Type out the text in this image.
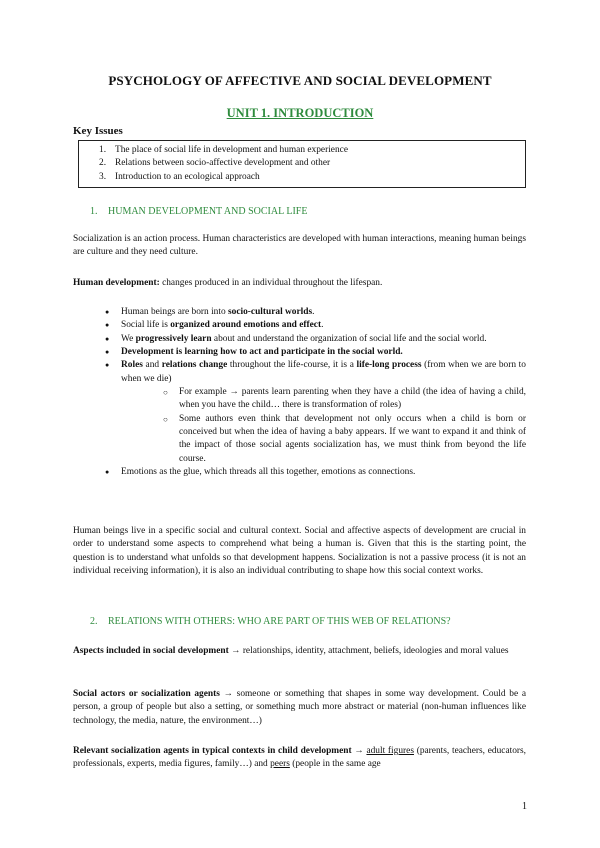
PSYCHOLOGY OF AFFECTIVE AND SOCIAL DEVELOPMENT
UNIT 1. INTRODUCTION
Key Issues
1. The place of social life in development and human experience
2. Relations between socio-affective development and other
3. Introduction to an ecological approach
1. HUMAN DEVELOPMENT AND SOCIAL LIFE

Socialization is an action process. Human characteristics are developed with human interactions, meaning human beings are culture and they need culture.

Human development: changes produced in an individual throughout the lifespan.

● Human beings are born into socio-cultural worlds.
● Social life is organized around emotions and effect.
● We progressively learn about and understand the organization of social life and the social world.
● Development is learning how to act and participate in the social world.
● Roles and relations change throughout the life-course, it is a life-long process (from when we are born to when we die)
○ For example → parents learn parenting when they have a child (the idea of having a child, when you have the child… there is transformation of roles)
○ Some authors even think that development not only occurs when a child is born or conceived but when the idea of having a baby appears. If we want to expand it and think of the impact of those social agents socialization has, we must think from beyond the life course.
● Emotions as the glue, which threads all this together, emotions as connections.

Human beings live in a specific social and cultural context. Social and affective aspects of development are crucial in order to understand some aspects to comprehend what being a human is. Given that this is the starting point, the question is to understand what unfolds so that development happens. Socialization is not a passive process (it is not an individual receiving information), it is also an individual contributing to shape how this social context works.

2. RELATIONS WITH OTHERS: WHO ARE PART OF THIS WEB OF RELATIONS?

Aspects included in social development → relationships, identity, attachment, beliefs, ideologies and moral values

Social actors or socialization agents → someone or something that shapes in some way development. Could be a person, a group of people but also a setting, or something much more abstract or material (non-human influences like technology, the media, nature, the environment…)

Relevant socialization agents in typical contexts in child development → adult figures (parents, teachers, educators, professionals, experts, media figures, family…) and peers (people in the same age

1
